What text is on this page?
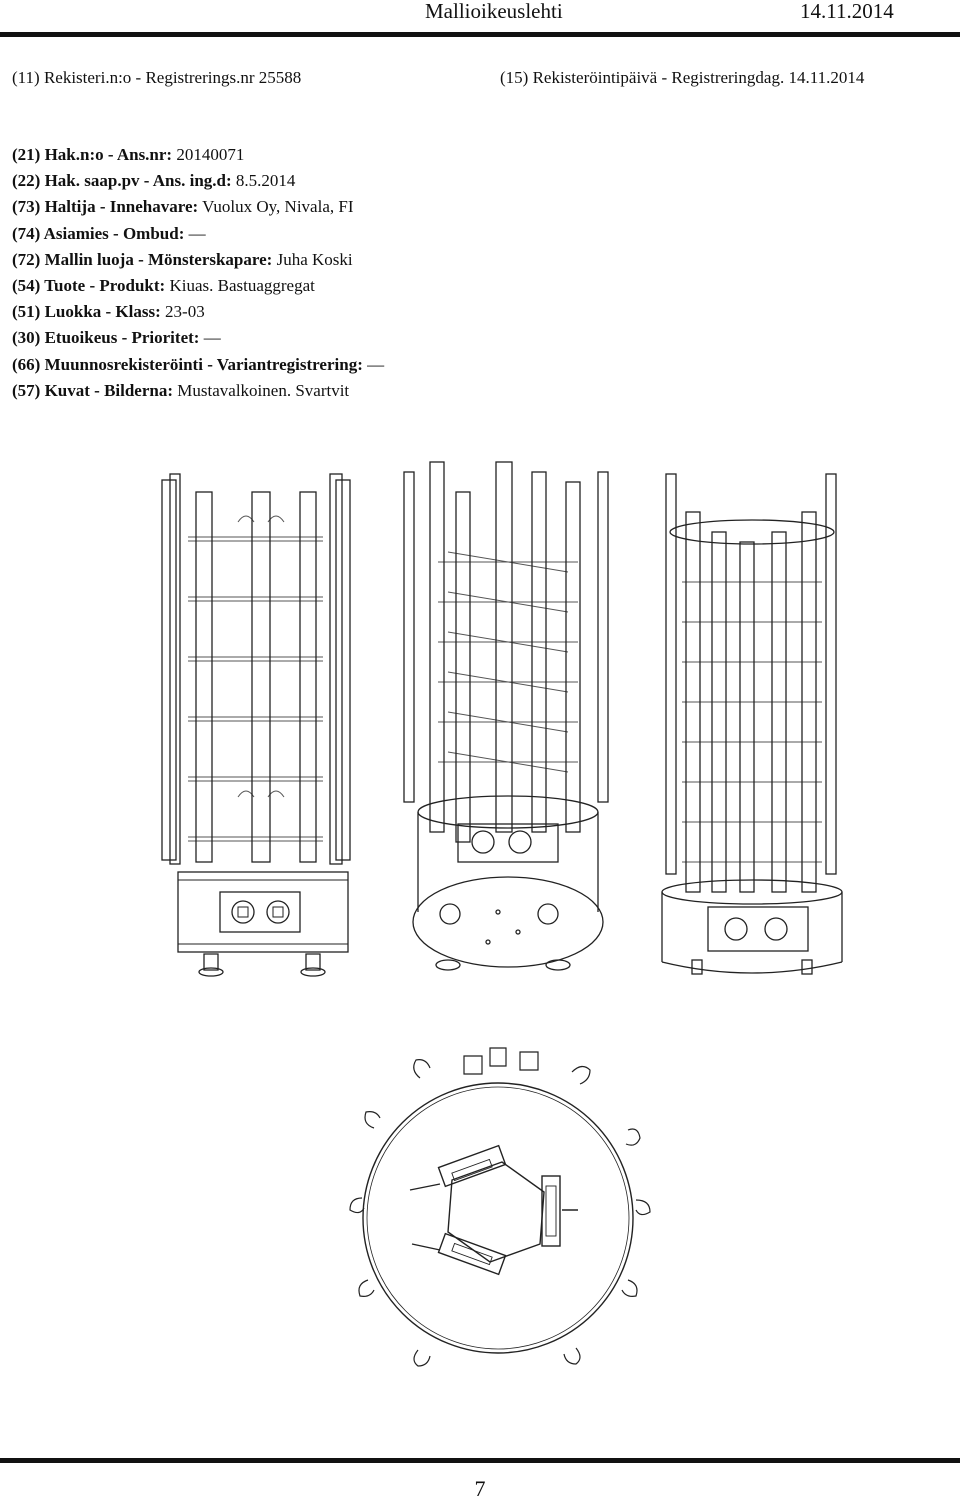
Mallioikeuslehti	14.11.2014
(11) Rekisteri.n:o - Registrerings.nr 25588	(15) Rekisteröintipäivä - Registreringdag. 14.11.2014
(21) Hak.n:o - Ans.nr: 20140071
(22) Hak. saap.pv - Ans. ing.d: 8.5.2014
(73) Haltija - Innehavare: Vuolux Oy, Nivala, FI
(74) Asiamies - Ombud: —
(72) Mallin luoja - Mönsterskapare: Juha Koski
(54) Tuote - Produkt: Kiuas. Bastuaggregat
(51) Luokka - Klass: 23-03
(30) Etuoikeus - Prioritet: —
(66) Muunnosrekisteröinti - Variantregistrering: —
(57) Kuvat - Bilderna: Mustavalkoinen. Svartvit
7
